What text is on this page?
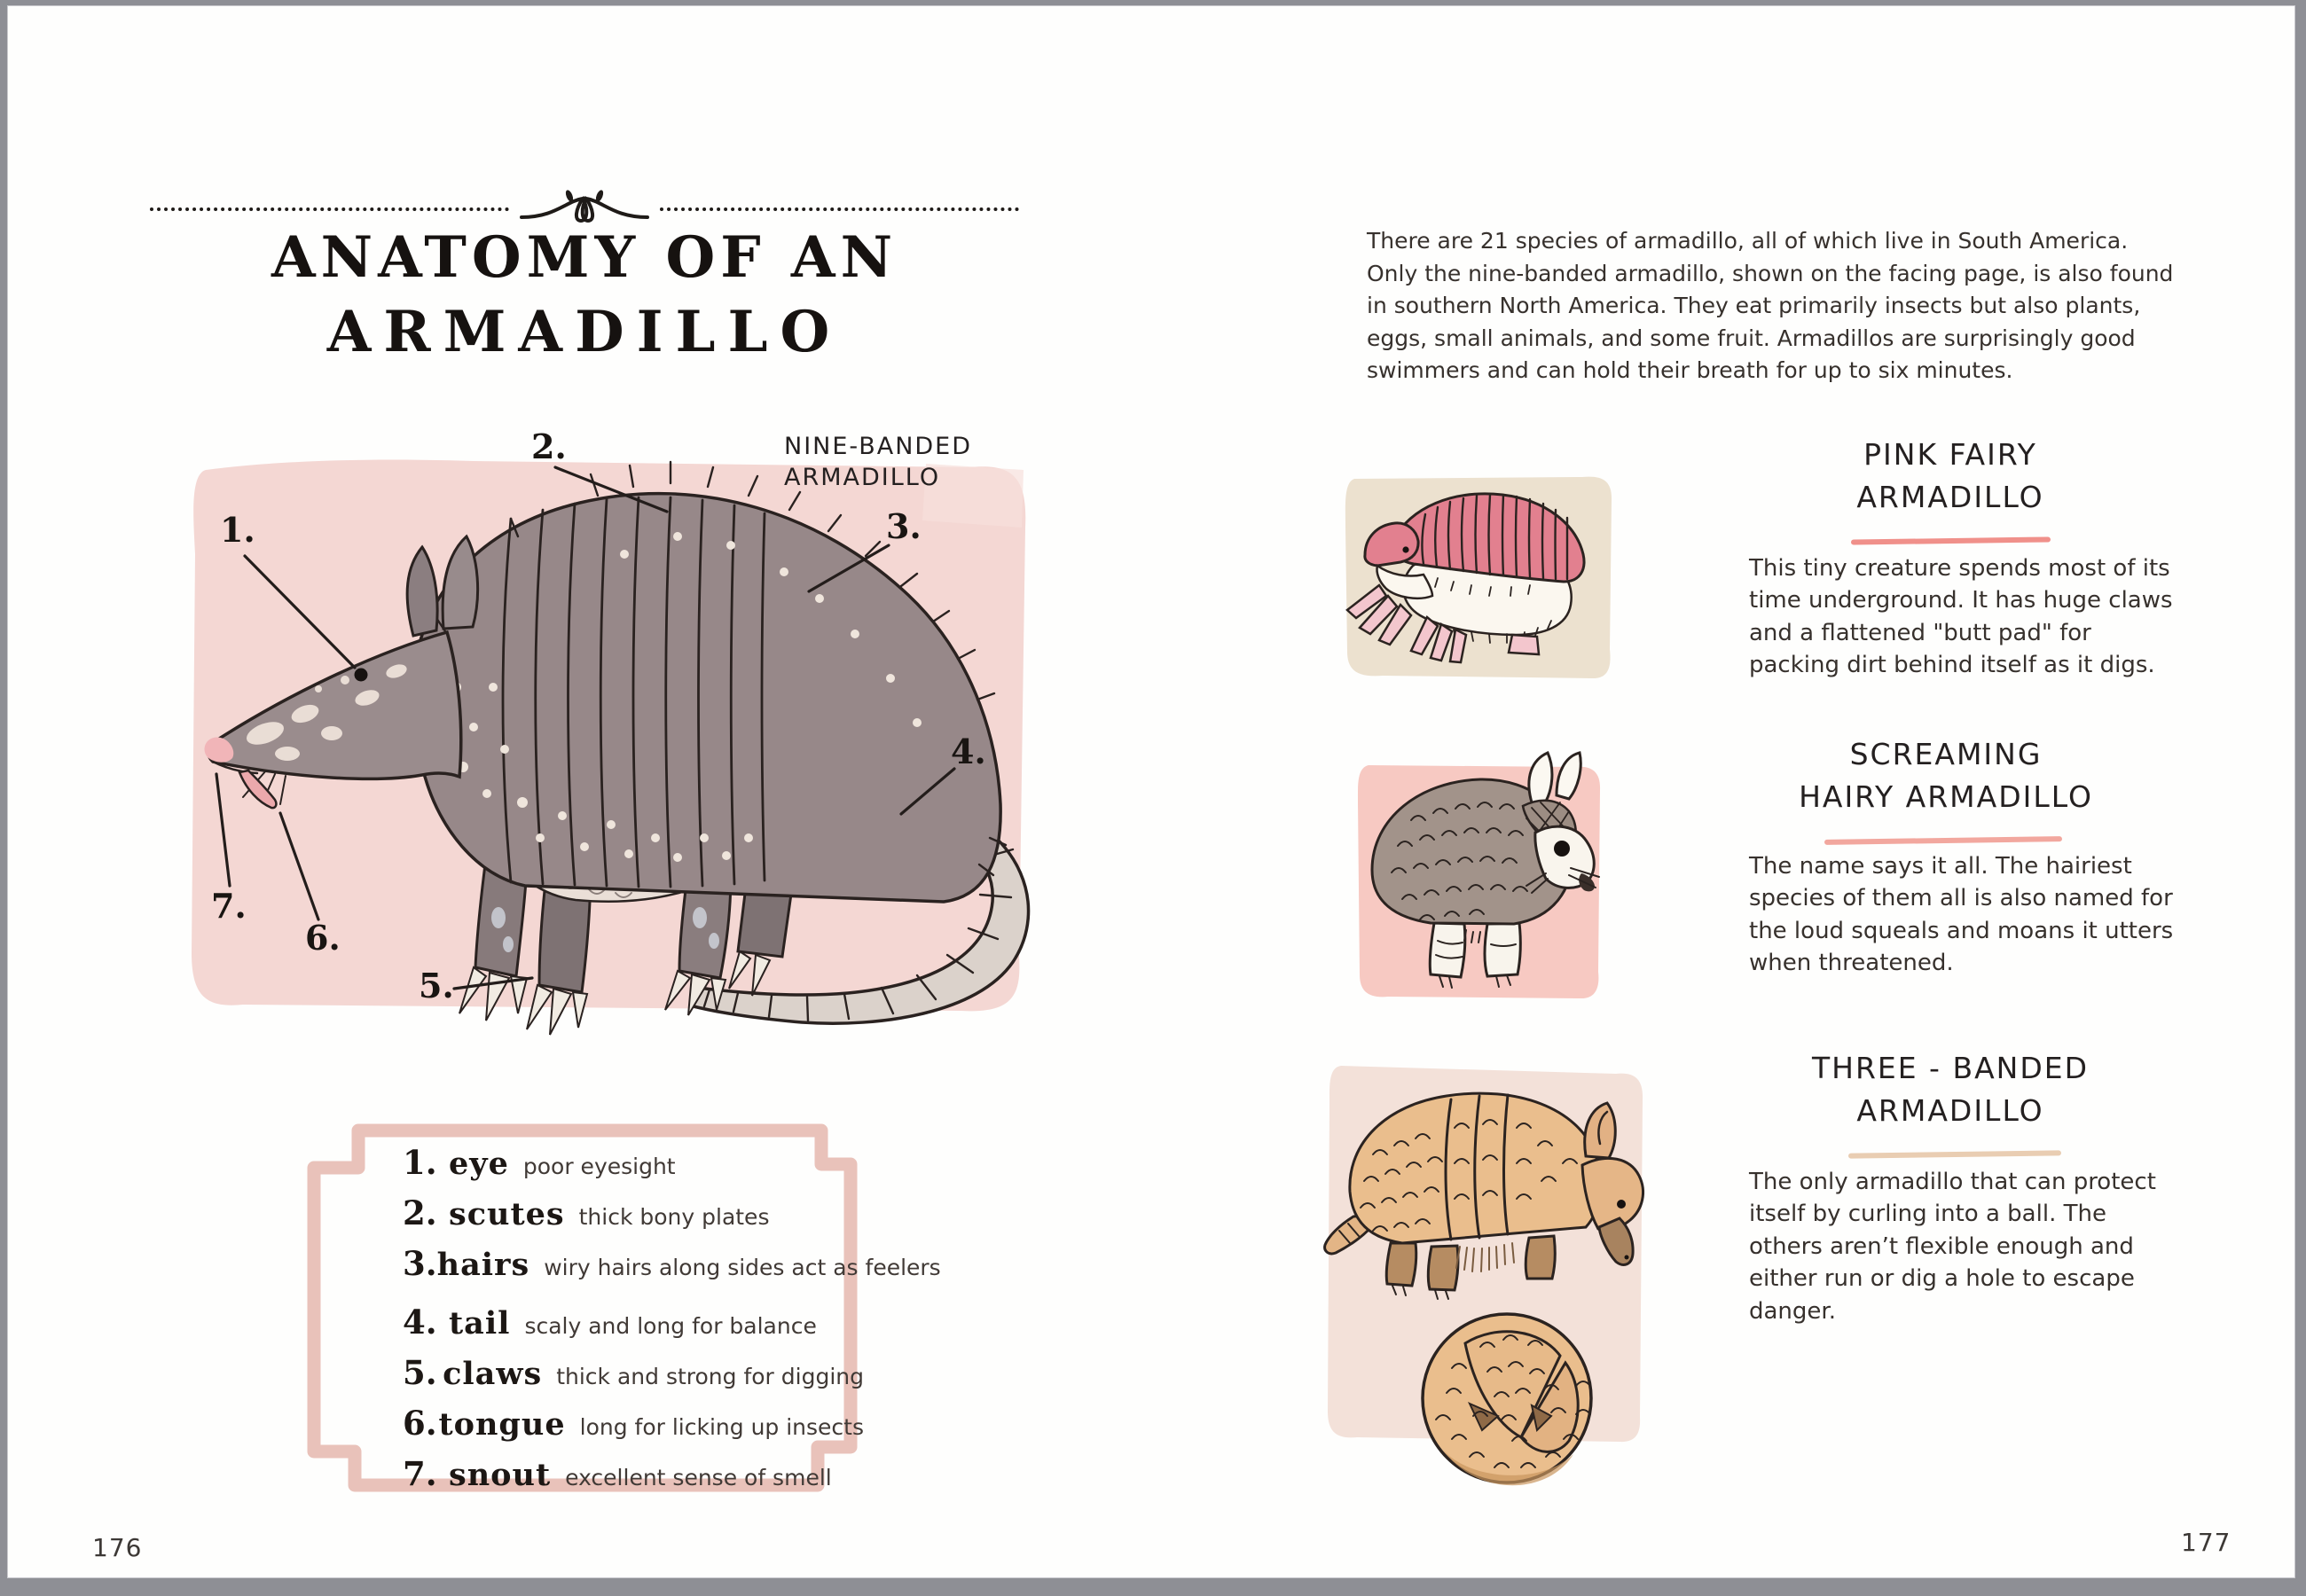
ANATOMY OF AN
ARMADILLO
NINE-BANDED
ARMADILLO
1.
2.
3.
4.
5.
6.
7.
1. eye poor eyesight
2. scutes thick bony plates
3. hairs wiry hairs along sides act as feelers
4. tail scaly and long for balance
5. claws thick and strong for digging
6. tongue long for licking up insects
7. snout excellent sense of smell
176

There are 21 species of armadillo, all of which live in South America. Only the nine-banded armadillo, shown on the facing page, is also found in southern North America. They eat primarily insects but also plants, eggs, small animals, and some fruit. Armadillos are surprisingly good swimmers and can hold their breath for up to six minutes.

PINK FAIRY
ARMADILLO
This tiny creature spends most of its time underground. It has huge claws and a flattened "butt pad" for packing dirt behind itself as it digs.
SCREAMING
HAIRY ARMADILLO
The name says it all. The hairiest species of them all is also named for the loud squeals and moans it utters when threatened.
THREE - BANDED
ARMADILLO
The only armadillo that can protect itself by curling into a ball. The others aren’t flexible enough and either run or dig a hole to escape danger.
177
